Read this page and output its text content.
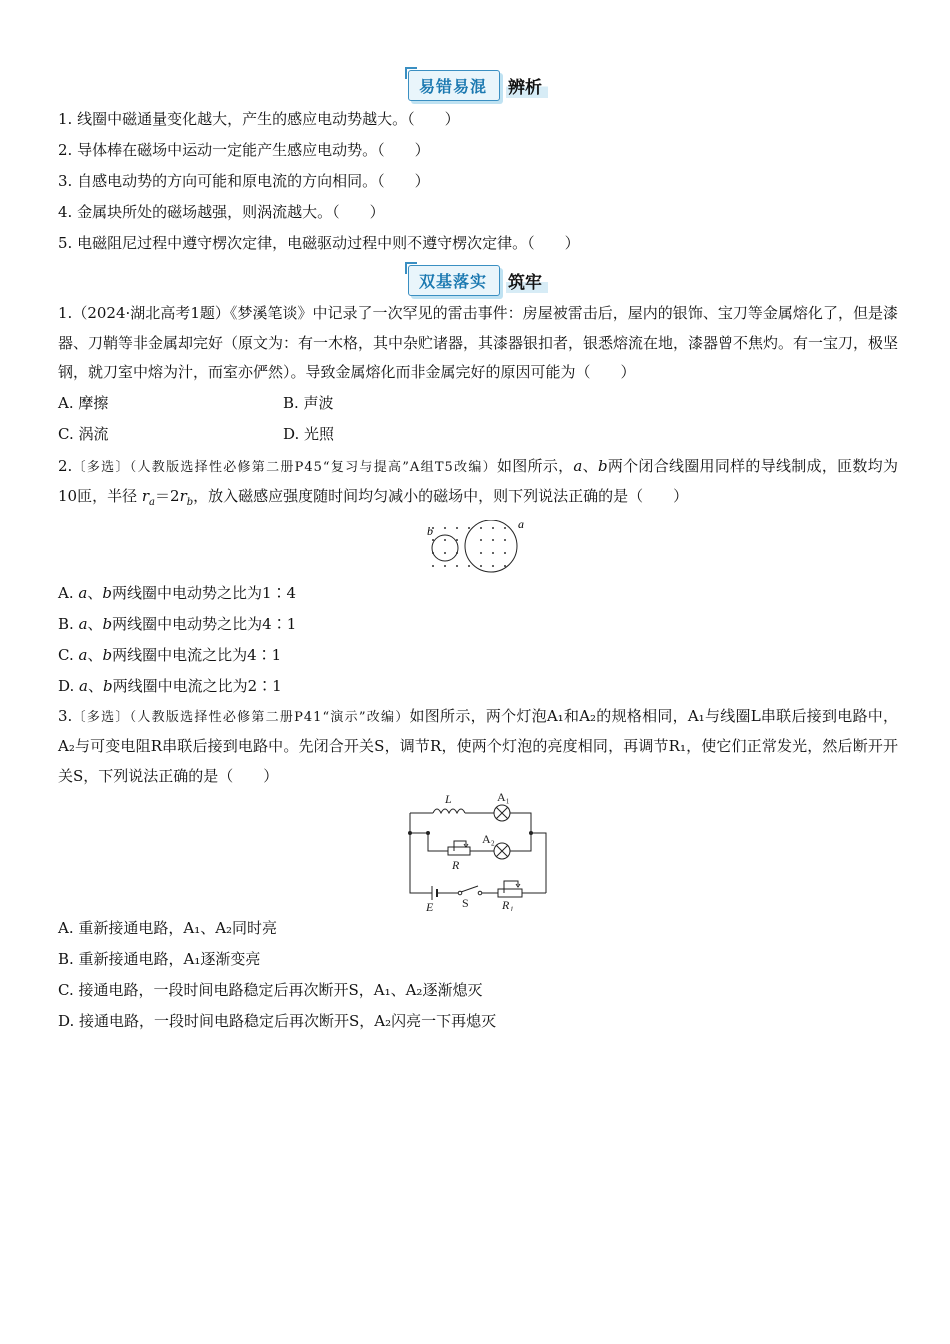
易错易混	辨析

1. 线圈中磁通量变化越大，产生的感应电动势越大。（　　）

2. 导体棒在磁场中运动一定能产生感应电动势。（　　）

3. 自感电动势的方向可能和原电流的方向相同。（　　）

4. 金属块所处的磁场越强，则涡流越大。（　　）

5. 电磁阻尼过程中遵守楞次定律，电磁驱动过程中则不遵守楞次定律。（　　）

双基落实	筑牢

1.（2024·湖北高考1题）《梦溪笔谈》中记录了一次罕见的雷击事件：房屋被雷击后，屋内的银饰、宝刀等金属熔化了，但是漆器、刀鞘等非金属却完好（原文为：有一木格，其中杂贮诸器，其漆器银扣者，银悉熔流在地，漆器曾不焦灼。有一宝刀，极坚钢，就刀室中熔为汁，而室亦俨然）。导致金属熔化而非金属完好的原因可能为（　　）

A. 摩擦	B. 声波
C. 涡流	D. 光照

2.〔多选〕（人教版选择性必修第二册P45“复习与提高”A组T5改编）如图所示，a、b两个闭合线圈用同样的导线制成，匝数均为10匝，半径 $r_a=2r_b$，放入磁感应强度随时间均匀减小的磁场中，则下列说法正确的是（　　）

b	a

A. a、b两线圈中电动势之比为1∶4

B. a、b两线圈中电动势之比为4∶1

C. a、b两线圈中电流之比为4∶1

D. a、b两线圈中电流之比为2∶1

3.〔多选〕（人教版选择性必修第二册P41“演示”改编）如图所示，两个灯泡A₁和A₂的规格相同，A₁与线圈L串联后接到电路中，A₂与可变电阻R串联后接到电路中。先闭合开关S，调节R，使两个灯泡的亮度相同，再调节R₁，使它们正常发光，然后断开开关S，下列说法正确的是（　　）

L	A₁
A₂
R
E S	R₁

A. 重新接通电路，A₁、A₂同时亮

B. 重新接通电路，A₁逐渐变亮

C. 接通电路，一段时间电路稳定后再次断开S，A₁、A₂逐渐熄灭

D. 接通电路，一段时间电路稳定后再次断开S，A₂闪亮一下再熄灭
